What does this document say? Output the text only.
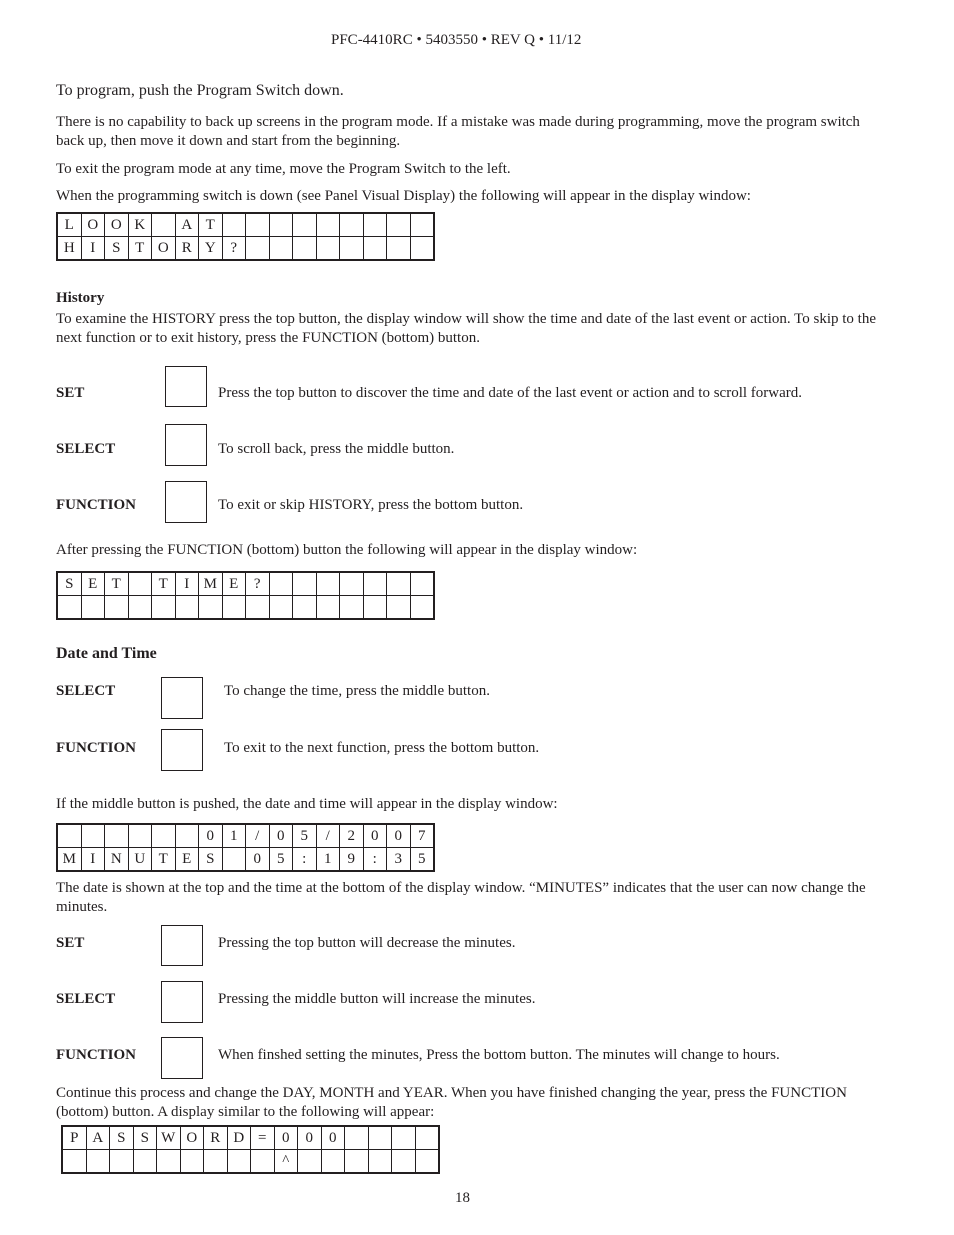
PFC-4410RC • 5403550 • REV Q • 11/12
To program, push the Program Switch down.
There is no capability to back up screens in the program mode. If a mistake was made during programming, move the program switch back up, then move it down and start from the beginning.
To exit the program mode at any time, move the Program Switch to the left.
When the programming switch is down (see Panel Visual Display) the following will appear in the display window:
L	O	O	K		A	T									
H	I	S	T	O	R	Y	?								
History
To examine the HISTORY press the top button, the display window will show the time and date of the last event or action. To skip to the next function or to exit history, press the FUNCTION (bottom) button.
SET	Press the top button to discover the time and date of the last event or action and to scroll forward.
SELECT	To scroll back, press the middle button.
FUNCTION	To exit or skip HISTORY, press the bottom button.
After pressing the FUNCTION (bottom) button the following will appear in the display window:
S	E	T		T	I	M	E	?							

Date and Time
SELECT	To change the time, press the middle button.
FUNCTION	To exit to the next function, press the bottom button.
If the middle button is pushed, the date and time will appear in the display window:
						0	1	/	0	5	/	2	0	0	7
M	I	N	U	T	E	S		0	5	:	1	9	:	3	5
The date is shown at the top and the time at the bottom of the display window. “MINUTES” indicates that the user can now change the minutes.
SET	Pressing the top button will decrease the minutes.
SELECT	Pressing the middle button will increase the minutes.
FUNCTION	When finshed setting the minutes, Press the bottom button. The minutes will change to hours.
Continue this process and change the DAY, MONTH and YEAR. When you have finished changing the year, press the FUNCTION (bottom) button. A display similar to the following will appear:
P	A	S	S	W	O	R	D	=	0	0	0				
									^						
18
